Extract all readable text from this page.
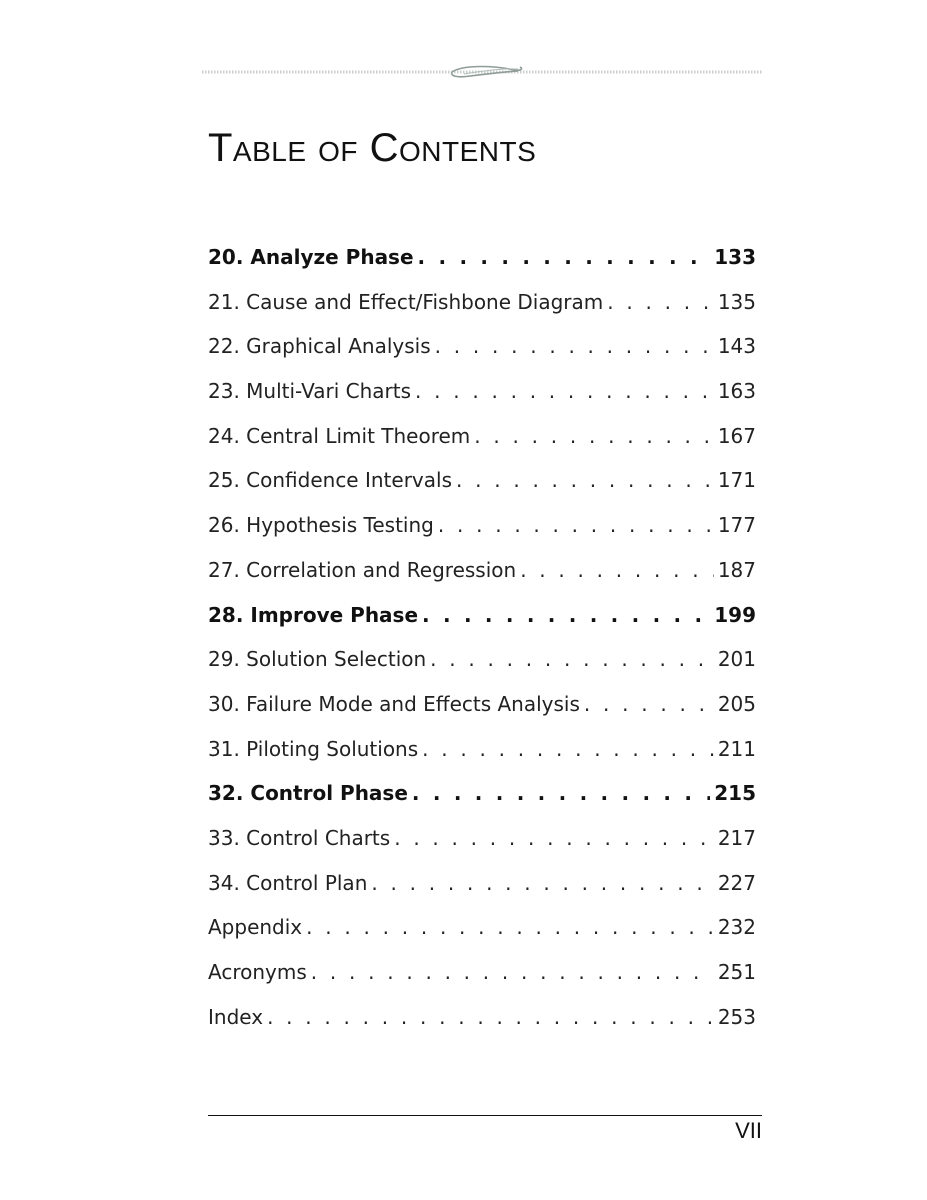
Table of Contents
20. Analyze Phase . . .	133
21. Cause and Effect/Fishbone Diagram . . .	135
22. Graphical Analysis . . .	143
23. Multi-Vari Charts . . .	163
24. Central Limit Theorem . . .	167
25. Confidence Intervals . . .	171
26. Hypothesis Testing . . .	177
27. Correlation and Regression . . .	187
28. Improve Phase . . .	199
29. Solution Selection . . .	201
30. Failure Mode and Effects Analysis . . .	205
31. Piloting Solutions . . .	211
32. Control Phase . . .	215
33. Control Charts . . .	217
34. Control Plan . . .	227
Appendix . . .	232
Acronyms . . .	251
Index . . .	253
VII
